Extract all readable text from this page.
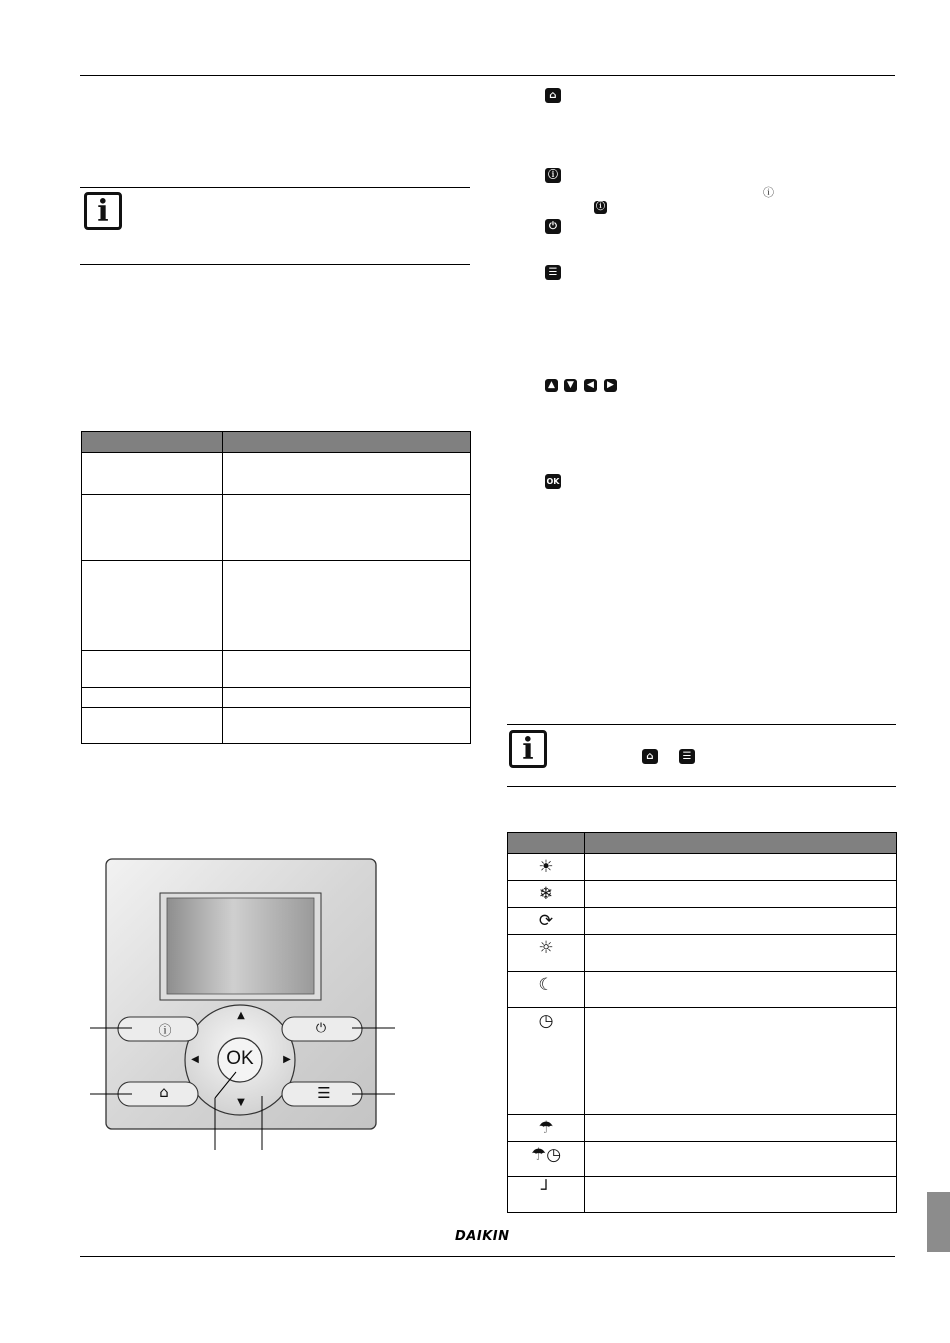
i

OK
ⓘ
⌂
⏻
☰
▲
▼
◀	▶
⌂
ⓘ
ⓘ
ⓘ
⏻
☰
▲	▼	◀	▶
OK
i	⌂	☰

☀	
❄	
⟳	
☼	
☾	
◷	
☂	
☂◷	
┘	
DAIKIN
